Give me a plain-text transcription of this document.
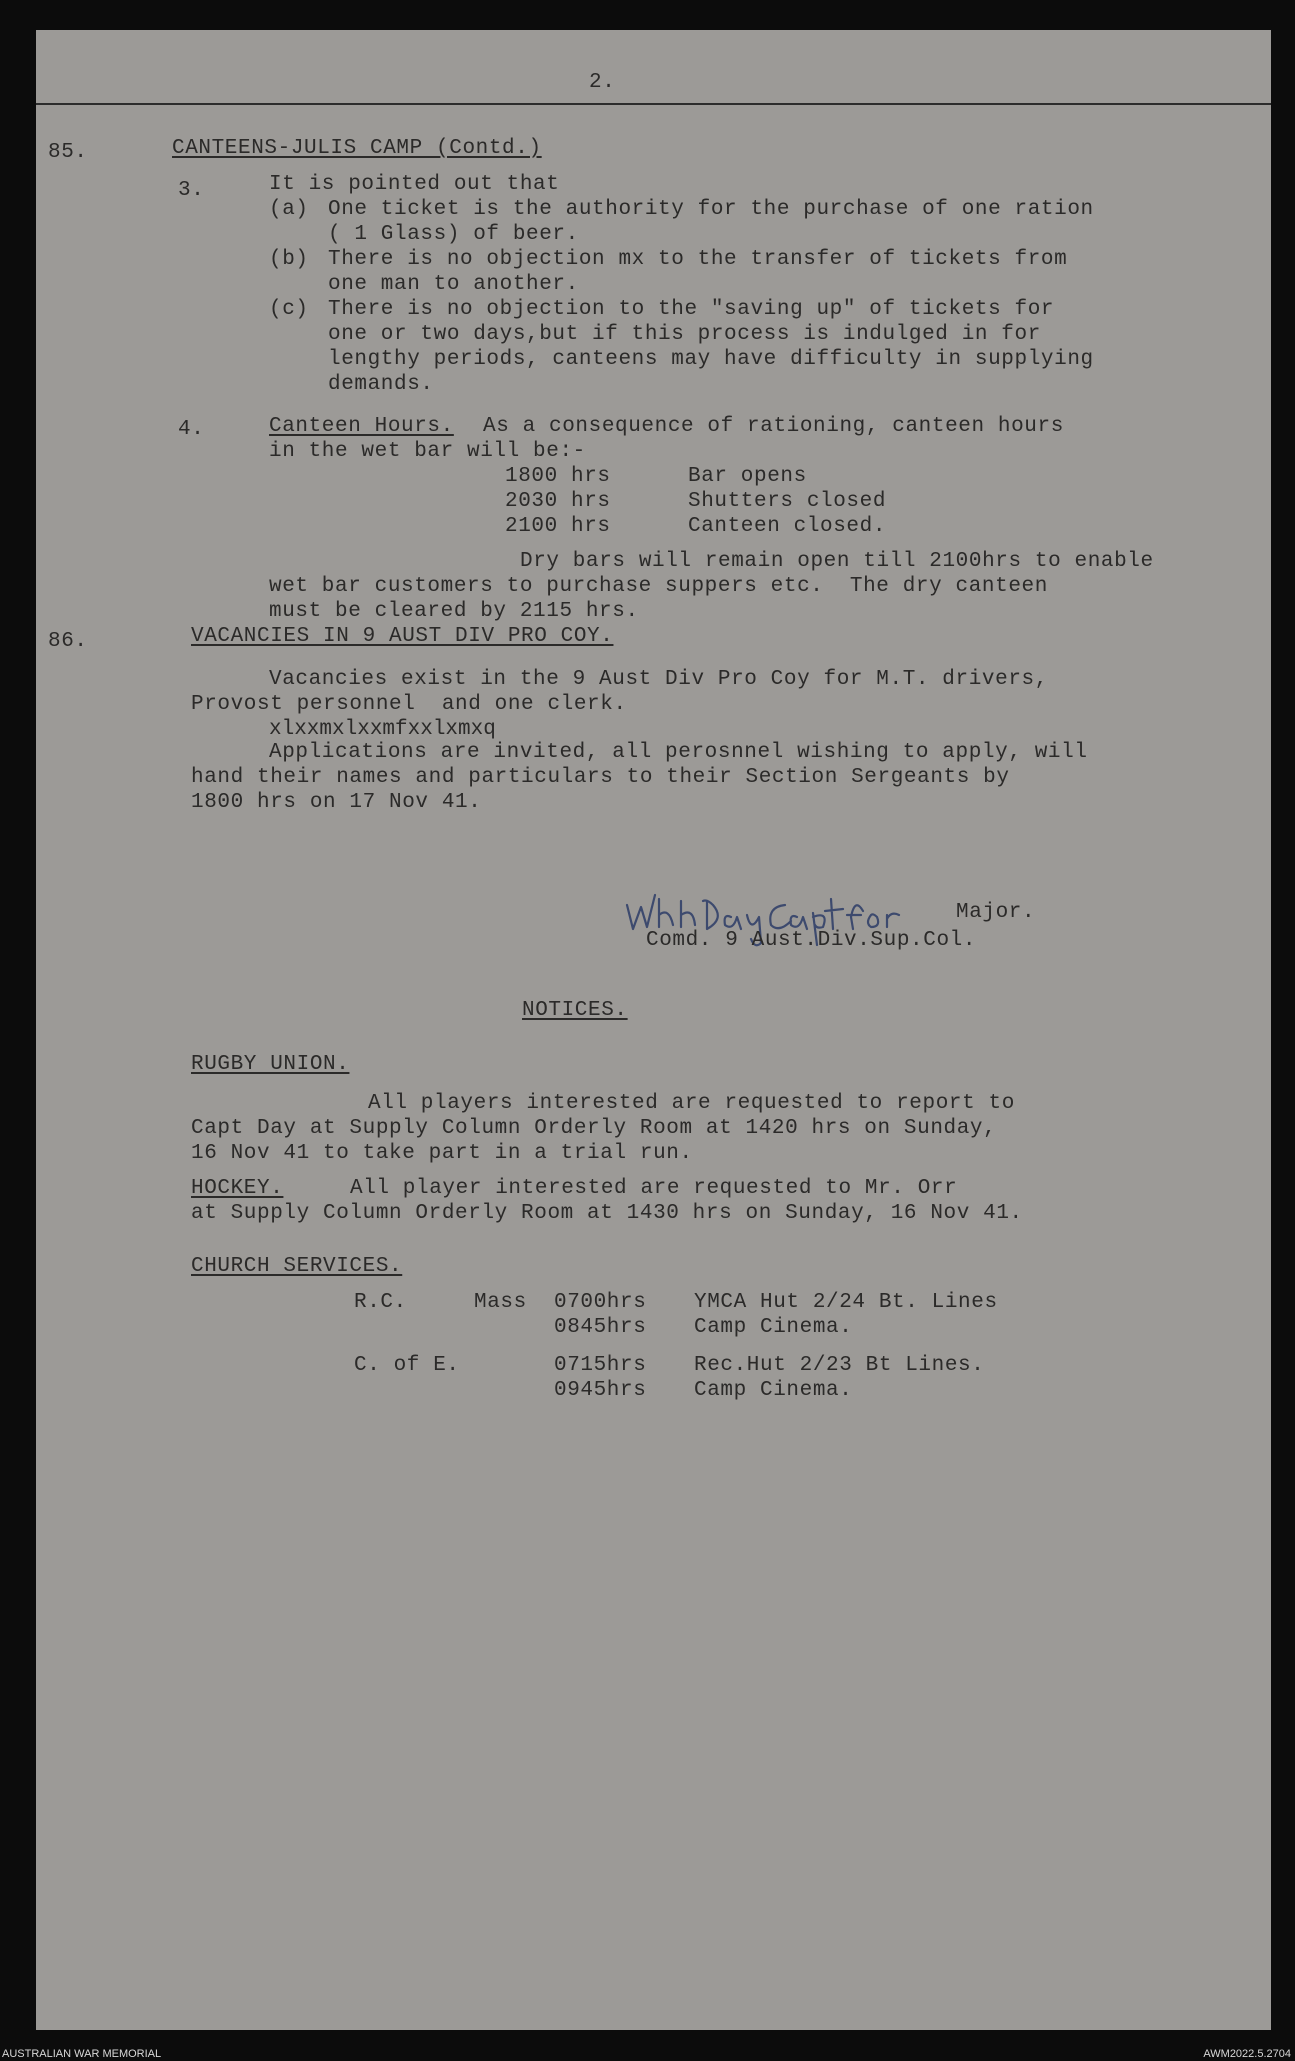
2.
85.	CANTEENS-JULIS CAMP (Contd.)
3.	It is pointed out that
(a) One ticket is the authority for the purchase of one ration
( 1 Glass) of beer.
(b) There is no objection mx to the transfer of tickets from
one man to another.
(c) There is no objection to the "saving up" of tickets for
one or two days,but if this process is indulged in for
lengthy periods, canteens may have difficulty in supplying
demands.
4.	Canteen Hours. As a consequence of rationing, canteen hours
in the wet bar will be:-
1800 hrs	Bar opens
2030 hrs	Shutters closed
2100 hrs	Canteen closed.
Dry bars will remain open till 2100hrs to enable
wet bar customers to purchase suppers etc.  The dry canteen
must be cleared by 2115 hrs.
86.	VACANCIES IN 9 AUST DIV PRO COY.
Vacancies exist in the 9 Aust Div Pro Coy for M.T. drivers,
Provost personnel  and one clerk.
xlxxmxlxxmfxxlxmxq
Applications are invited, all perosnnel wishing to apply, will
hand their names and particulars to their Section Sergeants by
1800 hrs on 17 Nov 41.
Major.
Comd. 9 Aust.Div.Sup.Col.
NOTICES.
RUGBY UNION.
All players interested are requested to report to
Capt Day at Supply Column Orderly Room at 1420 hrs on Sunday,
16 Nov 41 to take part in a trial run.
HOCKEY.	All player interested are requested to Mr. Orr
at Supply Column Orderly Room at 1430 hrs on Sunday, 16 Nov 41.
CHURCH SERVICES.
R.C.	Mass 0700hrs YMCA Hut 2/24 Bt. Lines
0845hrs Camp Cinema.
C. of E.	0715hrs Rec.Hut 2/23 Bt Lines.
0945hrs Camp Cinema.
AUSTRALIAN WAR MEMORIAL	AWM2022.5.2704
